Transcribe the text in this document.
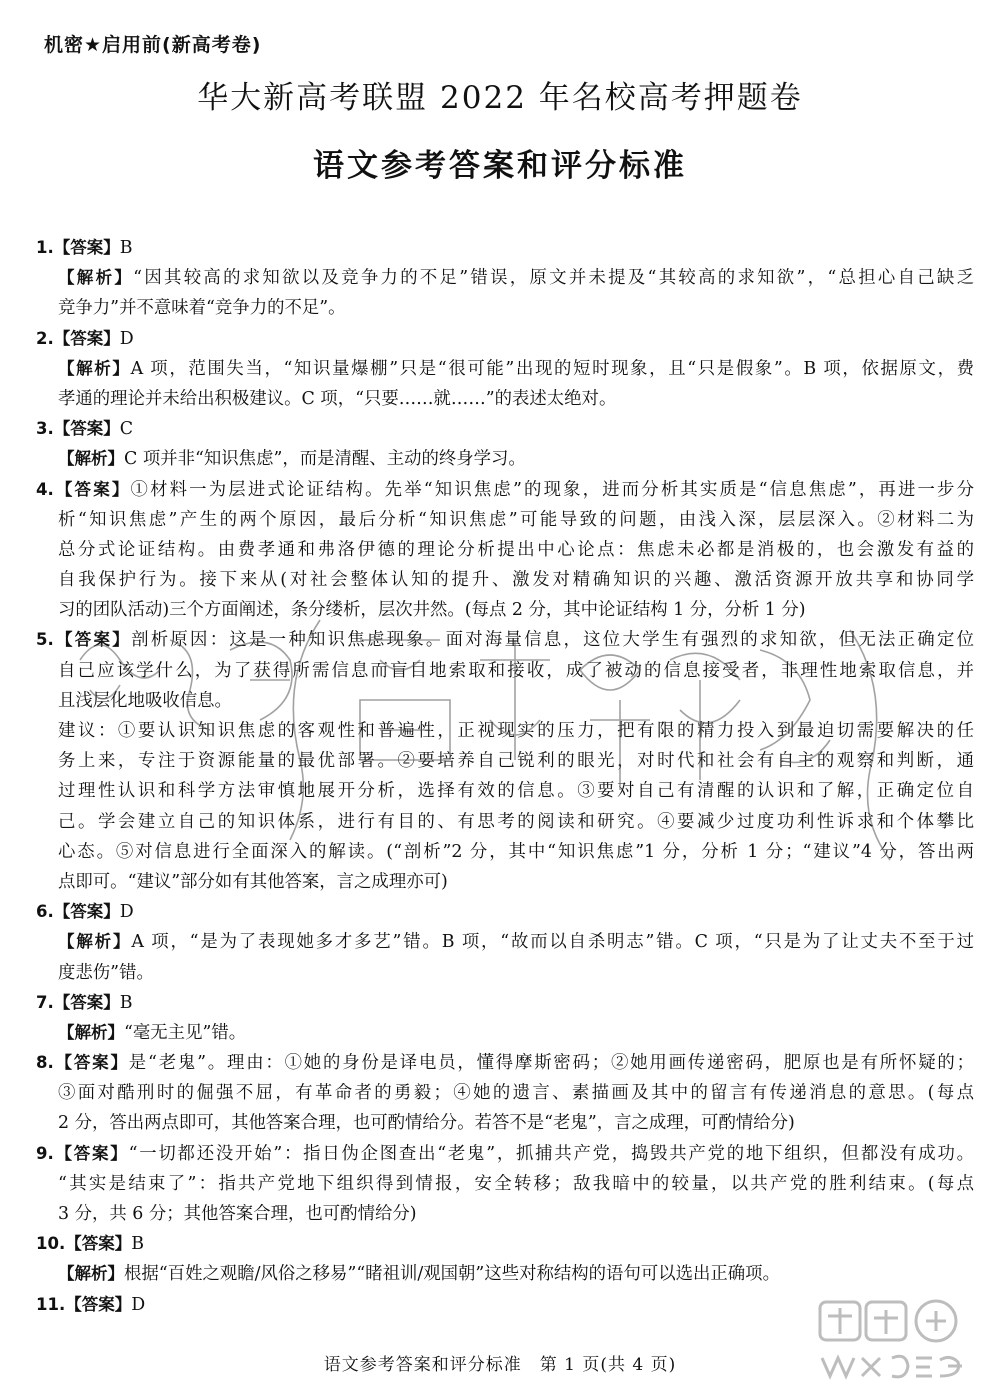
机密★启用前(新高考卷)
华大新高考联盟 2022 年名校高考押题卷
语文参考答案和评分标准
1.【答案】B
【解析】“因其较高的求知欲以及竞争力的不足”错误，原文并未提及“其较高的求知欲”，“总担心自己缺乏
竞争力”并不意味着“竞争力的不足”。
2.【答案】D
【解析】A 项，范围失当，“知识量爆棚”只是“很可能”出现的短时现象，且“只是假象”。B 项，依据原文，费
孝通的理论并未给出积极建议。C 项，“只要……就……”的表述太绝对。
3.【答案】C
【解析】C 项并非“知识焦虑”，而是清醒、主动的终身学习。
4.【答案】①材料一为层进式论证结构。先举“知识焦虑”的现象，进而分析其实质是“信息焦虑”，再进一步分
析“知识焦虑”产生的两个原因，最后分析“知识焦虑”可能导致的问题，由浅入深，层层深入。②材料二为
总分式论证结构。由费孝通和弗洛伊德的理论分析提出中心论点：焦虑未必都是消极的，也会激发有益的
自我保护行为。接下来从(对社会整体认知的提升、激发对精确知识的兴趣、激活资源开放共享和协同学
习的团队活动)三个方面阐述，条分缕析，层次井然。(每点 2 分，其中论证结构 1 分，分析 1 分)
5.【答案】剖析原因：这是一种知识焦虑现象。面对海量信息，这位大学生有强烈的求知欲，但无法正确定位
自己应该学什么，为了获得所需信息而盲目地索取和接收，成了被动的信息接受者，非理性地索取信息，并
且浅层化地吸收信息。
建议：①要认识知识焦虑的客观性和普遍性，正视现实的压力，把有限的精力投入到最迫切需要解决的任
务上来，专注于资源能量的最优部署。②要培养自己锐利的眼光，对时代和社会有自主的观察和判断，通
过理性认识和科学方法审慎地展开分析，选择有效的信息。③要对自己有清醒的认识和了解，正确定位自
己。学会建立自己的知识体系，进行有目的、有思考的阅读和研究。④要减少过度功利性诉求和个体攀比
心态。⑤对信息进行全面深入的解读。(“剖析”2 分，其中“知识焦虑”1 分，分析 1 分；“建议”4 分，答出两
点即可。“建议”部分如有其他答案，言之成理亦可)
6.【答案】D
【解析】A 项，“是为了表现她多才多艺”错。B 项，“故而以自杀明志”错。C 项，“只是为了让丈夫不至于过
度悲伤”错。
7.【答案】B
【解析】“毫无主见”错。
8.【答案】是“老鬼”。理由：①她的身份是译电员，懂得摩斯密码；②她用画传递密码，肥原也是有所怀疑的；
③面对酷刑时的倔强不屈，有革命者的勇毅；④她的遗言、素描画及其中的留言有传递消息的意思。(每点
2 分，答出两点即可，其他答案合理，也可酌情给分。若答不是“老鬼”，言之成理，可酌情给分)
9.【答案】“一切都还没开始”：指日伪企图查出“老鬼”，抓捕共产党，捣毁共产党的地下组织，但都没有成功。
“其实是结束了”：指共产党地下组织得到情报，安全转移；敌我暗中的较量，以共产党的胜利结束。(每点
3 分，共 6 分；其他答案合理，也可酌情给分)
10.【答案】B
【解析】根据“百姓之观瞻/风俗之移易”“睹祖训/观国朝”这些对称结构的语句可以选出正确项。
11.【答案】D
语文参考答案和评分标准　第 1 页(共 4 页)
